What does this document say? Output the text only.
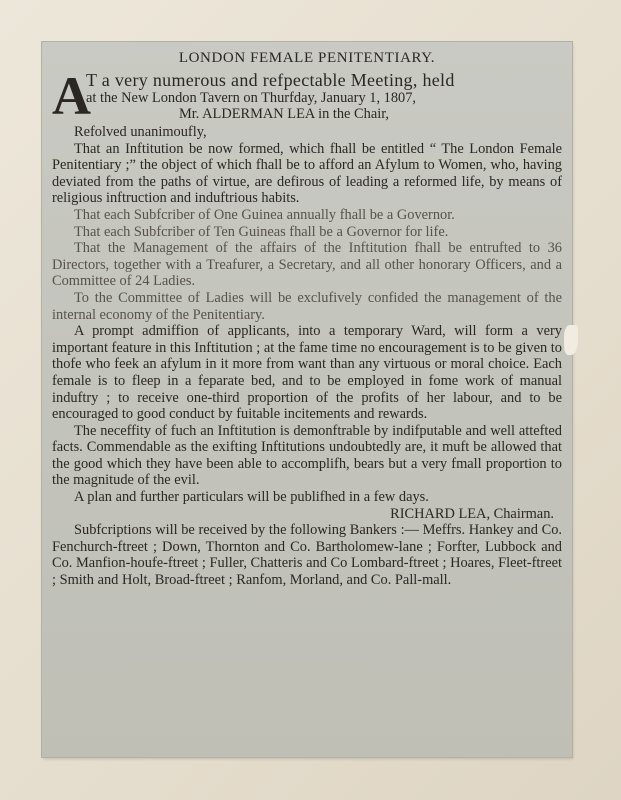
LONDON FEMALE PENITENTIARY.
A
T a very numerous and refpectable Meeting, held
at the New London Tavern on Thurfday, January 1, 1807,
Mr. ALDERMAN LEA in the Chair,

Refolved unanimoufly,

That an Inftitution be now formed, which fhall be entitled “ The London Female Penitentiary ;” the object of which fhall be to afford an Afylum to Women, who, having deviated from the paths of virtue, are defirous of leading a reformed life, by means of religious inftruction and induftrious habits.

That each Subfcriber of One Guinea annually fhall be a Governor.

That each Subfcriber of Ten Guineas fhall be a Governor for life.

That the Management of the affairs of the Inftitution fhall be entrufted to 36 Directors, together with a Treafurer, a Secretary, and all other honorary Officers, and a Committee of 24 Ladies.

To the Committee of Ladies will be exclufively confided the management of the internal economy of the Penitentiary.

A prompt admiffion of applicants, into a temporary Ward, will form a very important feature in this Inftitution ; at the fame time no encouragement is to be given to thofe who feek an afylum in it more from want than any virtuous or moral choice. Each female is to fleep in a feparate bed, and to be employed in fome work of manual induftry ; to receive one-third proportion of the profits of her labour, and to be encouraged to good conduct by fuitable incitements and rewards.

The neceffity of fuch an Inftitution is demonftrable by indifputable and well attefted facts. Commendable as the exifting Inftitutions undoubtedly are, it muft be allowed that the good which they have been able to accomplifh, bears but a very fmall proportion to the magnitude of the evil.

A plan and further particulars will be publifhed in a few days.

RICHARD LEA, Chairman.

Subfcriptions will be received by the following Bankers :— Meffrs. Hankey and Co. Fenchurch-ftreet ; Down, Thornton and Co. Bartholomew-lane ; Forfter, Lubbock and Co. Manfion-houfe-ftreet ; Fuller, Chatteris and Co Lombard-ftreet ; Hoares, Fleet-ftreet ; Smith and Holt, Broad-ftreet ; Ranfom, Morland, and Co. Pall-mall.
